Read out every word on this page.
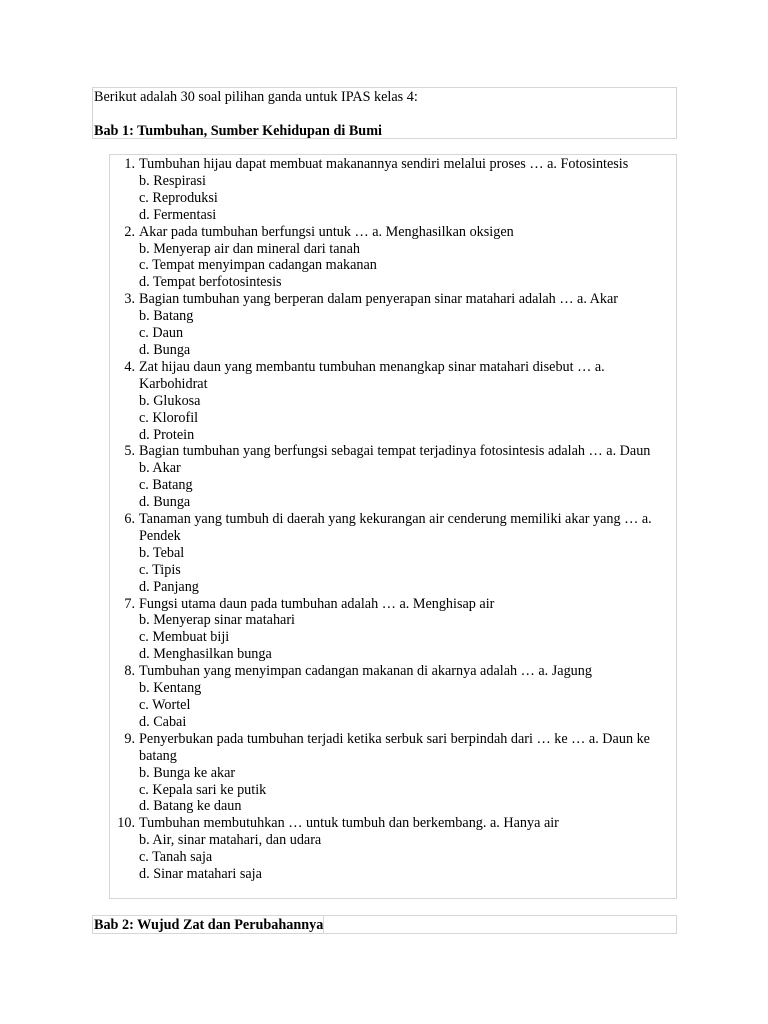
Berikut adalah 30 soal pilihan ganda untuk IPAS kelas 4:
Bab 1: Tumbuhan, Sumber Kehidupan di Bumi
1. Tumbuhan hijau dapat membuat makanannya sendiri melalui proses … a. Fotosintesis
b. Respirasi
c. Reproduksi
d. Fermentasi
2. Akar pada tumbuhan berfungsi untuk … a. Menghasilkan oksigen
b. Menyerap air dan mineral dari tanah
c. Tempat menyimpan cadangan makanan
d. Tempat berfotosintesis
3. Bagian tumbuhan yang berperan dalam penyerapan sinar matahari adalah … a. Akar
b. Batang
c. Daun
d. Bunga
4. Zat hijau daun yang membantu tumbuhan menangkap sinar matahari disebut … a. Karbohidrat
b. Glukosa
c. Klorofil
d. Protein
5. Bagian tumbuhan yang berfungsi sebagai tempat terjadinya fotosintesis adalah … a. Daun
b. Akar
c. Batang
d. Bunga
6. Tanaman yang tumbuh di daerah yang kekurangan air cenderung memiliki akar yang … a. Pendek
b. Tebal
c. Tipis
d. Panjang
7. Fungsi utama daun pada tumbuhan adalah … a. Menghisap air
b. Menyerap sinar matahari
c. Membuat biji
d. Menghasilkan bunga
8. Tumbuhan yang menyimpan cadangan makanan di akarnya adalah … a. Jagung
b. Kentang
c. Wortel
d. Cabai
9. Penyerbukan pada tumbuhan terjadi ketika serbuk sari berpindah dari … ke … a. Daun ke batang
b. Bunga ke akar
c. Kepala sari ke putik
d. Batang ke daun
10. Tumbuhan membutuhkan … untuk tumbuh dan berkembang. a. Hanya air
b. Air, sinar matahari, dan udara
c. Tanah saja
d. Sinar matahari saja
Bab 2: Wujud Zat dan Perubahannya
